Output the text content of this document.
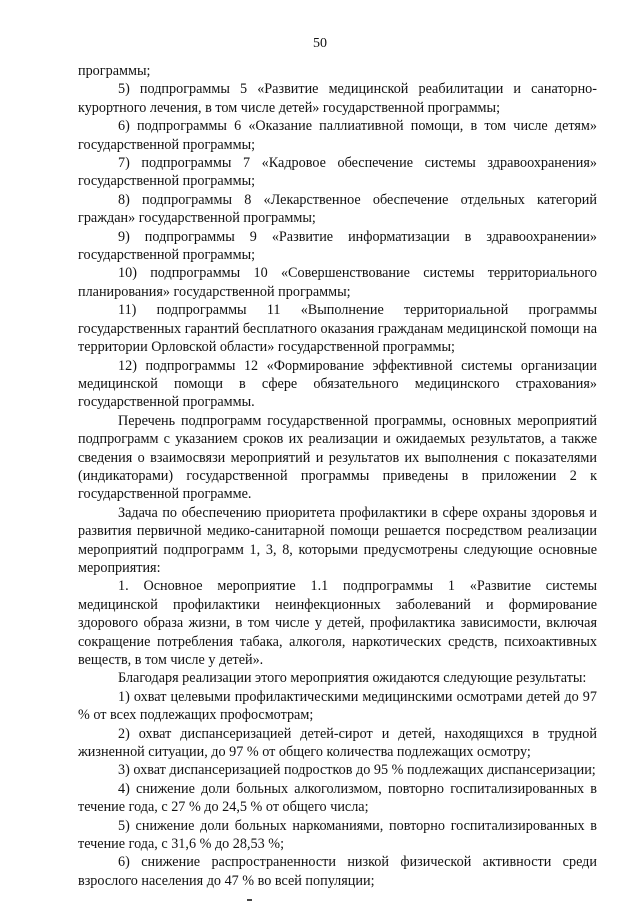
50

программы;

5) подпрограммы 5 «Развитие медицинской реабилитации и санаторно-курортного лечения, в том числе детей» государственной программы;

6) подпрограммы 6 «Оказание паллиативной помощи, в том числе детям» государственной программы;

7) подпрограммы 7 «Кадровое обеспечение системы здравоохранения» государственной программы;

8) подпрограммы 8 «Лекарственное обеспечение отдельных категорий граждан» государственной программы;

9) подпрограммы 9 «Развитие информатизации в здравоохранении» государственной программы;

10) подпрограммы 10 «Совершенствование системы территориального планирования» государственной программы;

11) подпрограммы 11 «Выполнение территориальной программы государственных гарантий бесплатного оказания гражданам медицинской помощи на территории Орловской области» государственной программы;

12) подпрограммы 12 «Формирование эффективной системы организации медицинской помощи в сфере обязательного медицинского страхования» государственной программы.

Перечень подпрограмм государственной программы, основных мероприятий подпрограмм с указанием сроков их реализации и ожидаемых результатов, а также сведения о взаимосвязи мероприятий и результатов их выполнения с показателями (индикаторами) государственной программы приведены в приложении 2 к государственной программе.

Задача по обеспечению приоритета профилактики в сфере охраны здоровья и развития первичной медико-санитарной помощи решается посредством реализации мероприятий подпрограмм 1, 3, 8, которыми предусмотрены следующие основные мероприятия:

1. Основное мероприятие 1.1 подпрограммы 1 «Развитие системы медицинской профилактики неинфекционных заболеваний и формирование здорового образа жизни, в том числе у детей, профилактика зависимости, включая сокращение потребления табака, алкоголя, наркотических средств, психоактивных веществ, в том числе у детей».

Благодаря реализации этого мероприятия ожидаются следующие результаты:

1) охват целевыми профилактическими медицинскими осмотрами детей до 97 % от всех подлежащих профосмотрам;

2) охват диспансеризацией детей-сирот и детей, находящихся в трудной жизненной ситуации, до 97 % от общего количества подлежащих осмотру;

3) охват диспансеризацией подростков до 95 % подлежащих диспансеризации;

4) снижение доли больных алкоголизмом, повторно госпитализированных в течение года, с 27 % до 24,5 % от общего числа;

5) снижение доли больных наркоманиями, повторно госпитализированных в течение года, с 31,6 % до 28,53 %;

6) снижение распространенности низкой физической активности среди взрослого населения до 47 % во всей популяции;
